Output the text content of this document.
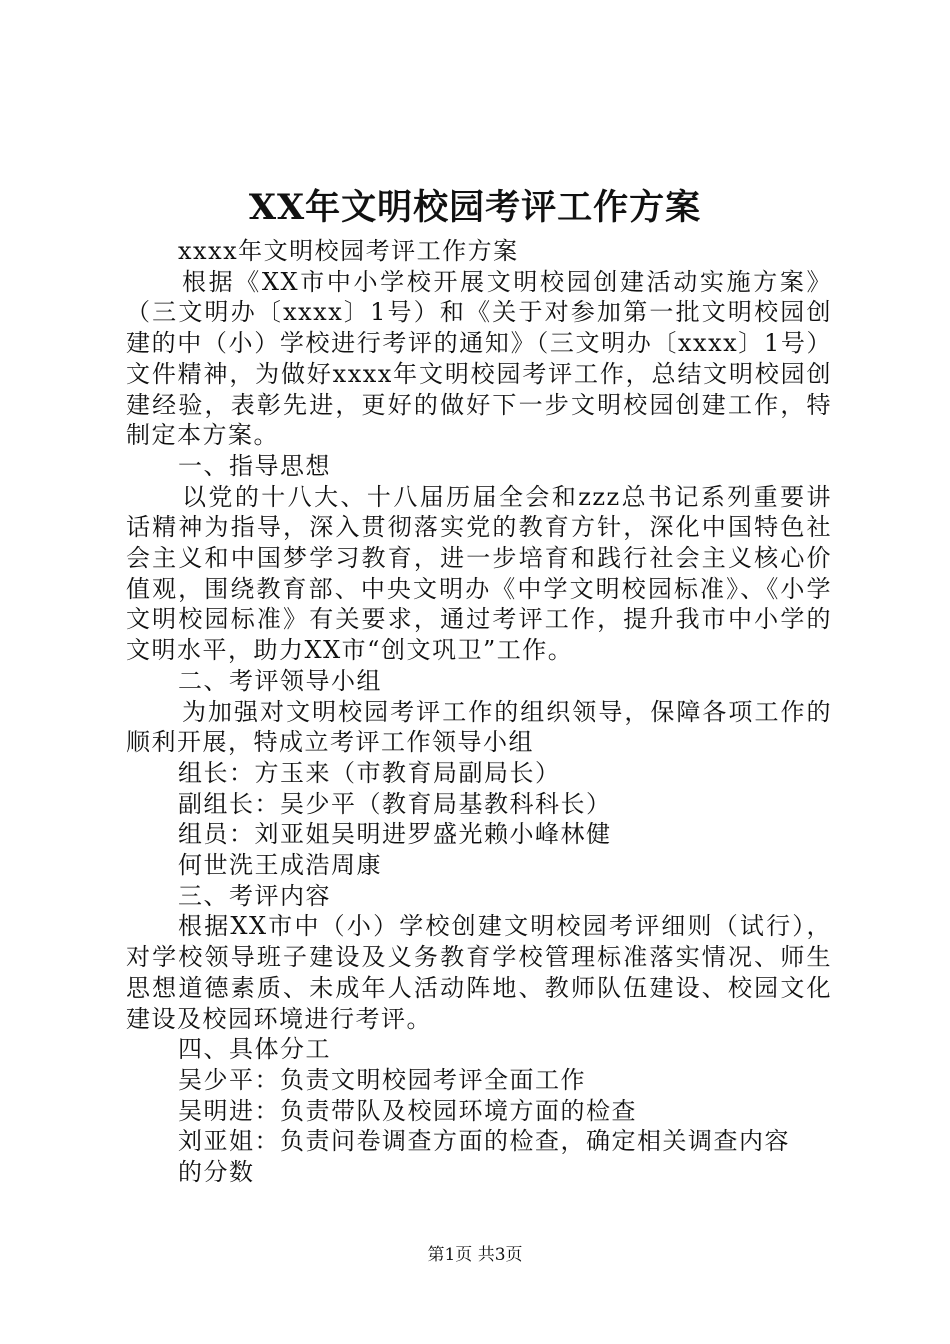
XX年文明校园考评工作方案

xxxx年文明校园考评工作方案

根据《XX市中小学校开展文明校园创建活动实施方案》（三文明办〔xxxx〕1号）和《关于对参加第一批文明校园创建的中（小）学校进行考评的通知》（三文明办〔xxxx〕1号）文件精神，为做好xxxx年文明校园考评工作，总结文明校园创建经验，表彰先进，更好的做好下一步文明校园创建工作，特制定本方案。

一、指导思想

以党的十八大、十八届历届全会和zzz总书记系列重要讲话精神为指导，深入贯彻落实党的教育方针，深化中国特色社会主义和中国梦学习教育，进一步培育和践行社会主义核心价值观，围绕教育部、中央文明办《中学文明校园标准》、《小学文明校园标准》有关要求，通过考评工作，提升我市中小学的文明水平，助力XX市“创文巩卫”工作。

二、考评领导小组

为加强对文明校园考评工作的组织领导，保障各项工作的顺利开展，特成立考评工作领导小组

组长：方玉来（市教育局副局长）

副组长：吴少平（教育局基教科科长）

组员：刘亚姐吴明进罗盛光赖小峰林健

何世洗王成浩周康

三、考评内容

根据XX市中（小）学校创建文明校园考评细则（试行），对学校领导班子建设及义务教育学校管理标准落实情况、师生思想道德素质、未成年人活动阵地、教师队伍建设、校园文化建设及校园环境进行考评。

四、具体分工

吴少平：负责文明校园考评全面工作

吴明进：负责带队及校园环境方面的检查

刘亚姐：负责问卷调查方面的检查，确定相关调查内容

的分数

第1页 共3页
